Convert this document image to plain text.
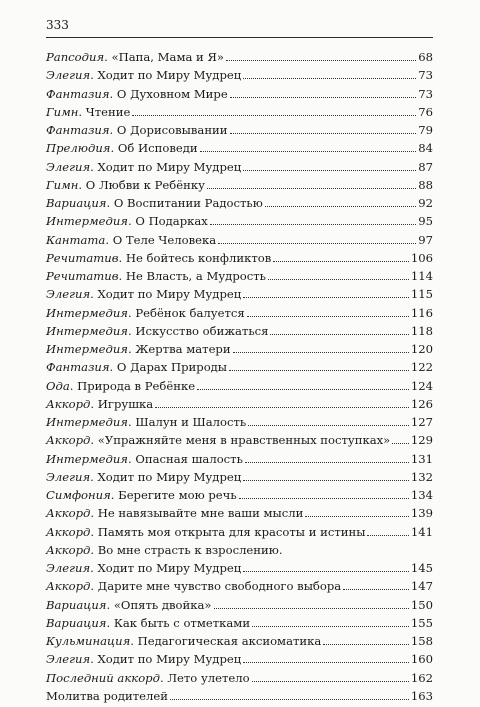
333
Рапсодия . «Папа, Мама и Я»	68
Элегия . Ходит по Миру Мудрец	73
Фантазия . О Духовном Мире	73
Гимн . Чтение	76
Фантазия . О Дорисовывании	79
Прелюдия . Об Исповеди	84
Элегия . Ходит по Миру Мудрец	87
Гимн . О Любви к Ребёнку	88
Вариация . О Воспитании Радостью	92
Интермедия . О Подарках	95
Кантата . О Теле Человека	97
Речитатив . Не бойтесь конфликтов	106
Речитатив . Не Власть, а Мудрость	114
Элегия . Ходит по Миру Мудрец	115
Интермедия . Ребёнок балуется	116
Интермедия . Искусство обижаться	118
Интермедия . Жертва матери	120
Фантазия . О Дарах Природы	122
Ода . Природа в Ребёнке	124
Аккорд . Игрушка	126
Интермедия . Шалун и Шалость	127
Аккорд . «Упражняйте меня в нравственных поступках» 129
Интермедия . Опасная шалость	131
Элегия . Ходит по Миру Мудрец	132
Симфония . Берегите мою речь	134
Аккорд . Не навязывайте мне ваши мысли	139
Аккорд . Память моя открыта для красоты и истины	141
Аккорд . Во мне страсть к взрослению.
Элегия . Ходит по Миру Мудрец	145
Аккорд . Дарите мне чувство свободного выбора	147
Вариация . «Опять двойка»	150
Вариация . Как быть с отметками	155
Кульминация . Педагогическая аксиоматика	158
Элегия . Ходит по Миру Мудрец	160
Последний аккорд . Лето улетело	162
Молитва родителей	163
